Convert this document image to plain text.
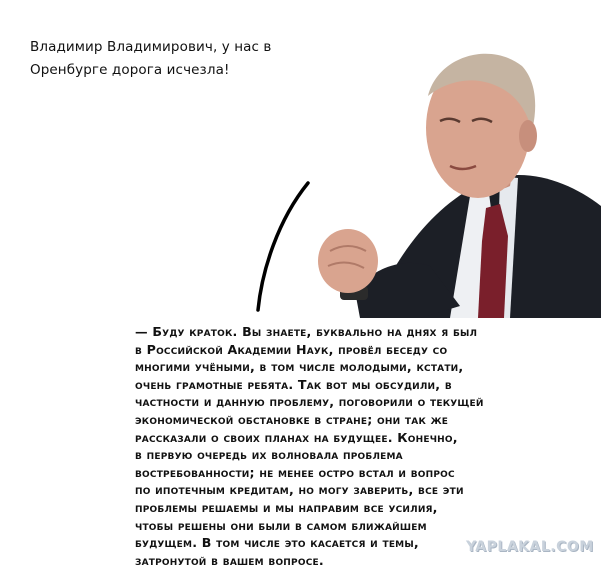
Владимир Владимирович, у нас в
Оренбурге дорога исчезла!
— Буду краток. Вы знаете, буквально на днях я был
в Российской Академии Наук, провёл беседу со
многими учёными, в том числе молодыми, кстати,
очень грамотные ребята. Так вот мы обсудили, в
частности и данную проблему, поговорили о текущей
экономической обстановке в стране; они так же
рассказали о своих планах на будущее. Конечно,
в первую очередь их волновала проблема
востребованности; не менее остро встал и вопрос
по ипотечным кредитам, но могу заверить, все эти
проблемы решаемы и мы направим все усилия,
чтобы решены они были в самом ближайшем
будущем. В том числе это касается и темы,
затронутой в вашем вопросе.
YAPLAKAL.COM
